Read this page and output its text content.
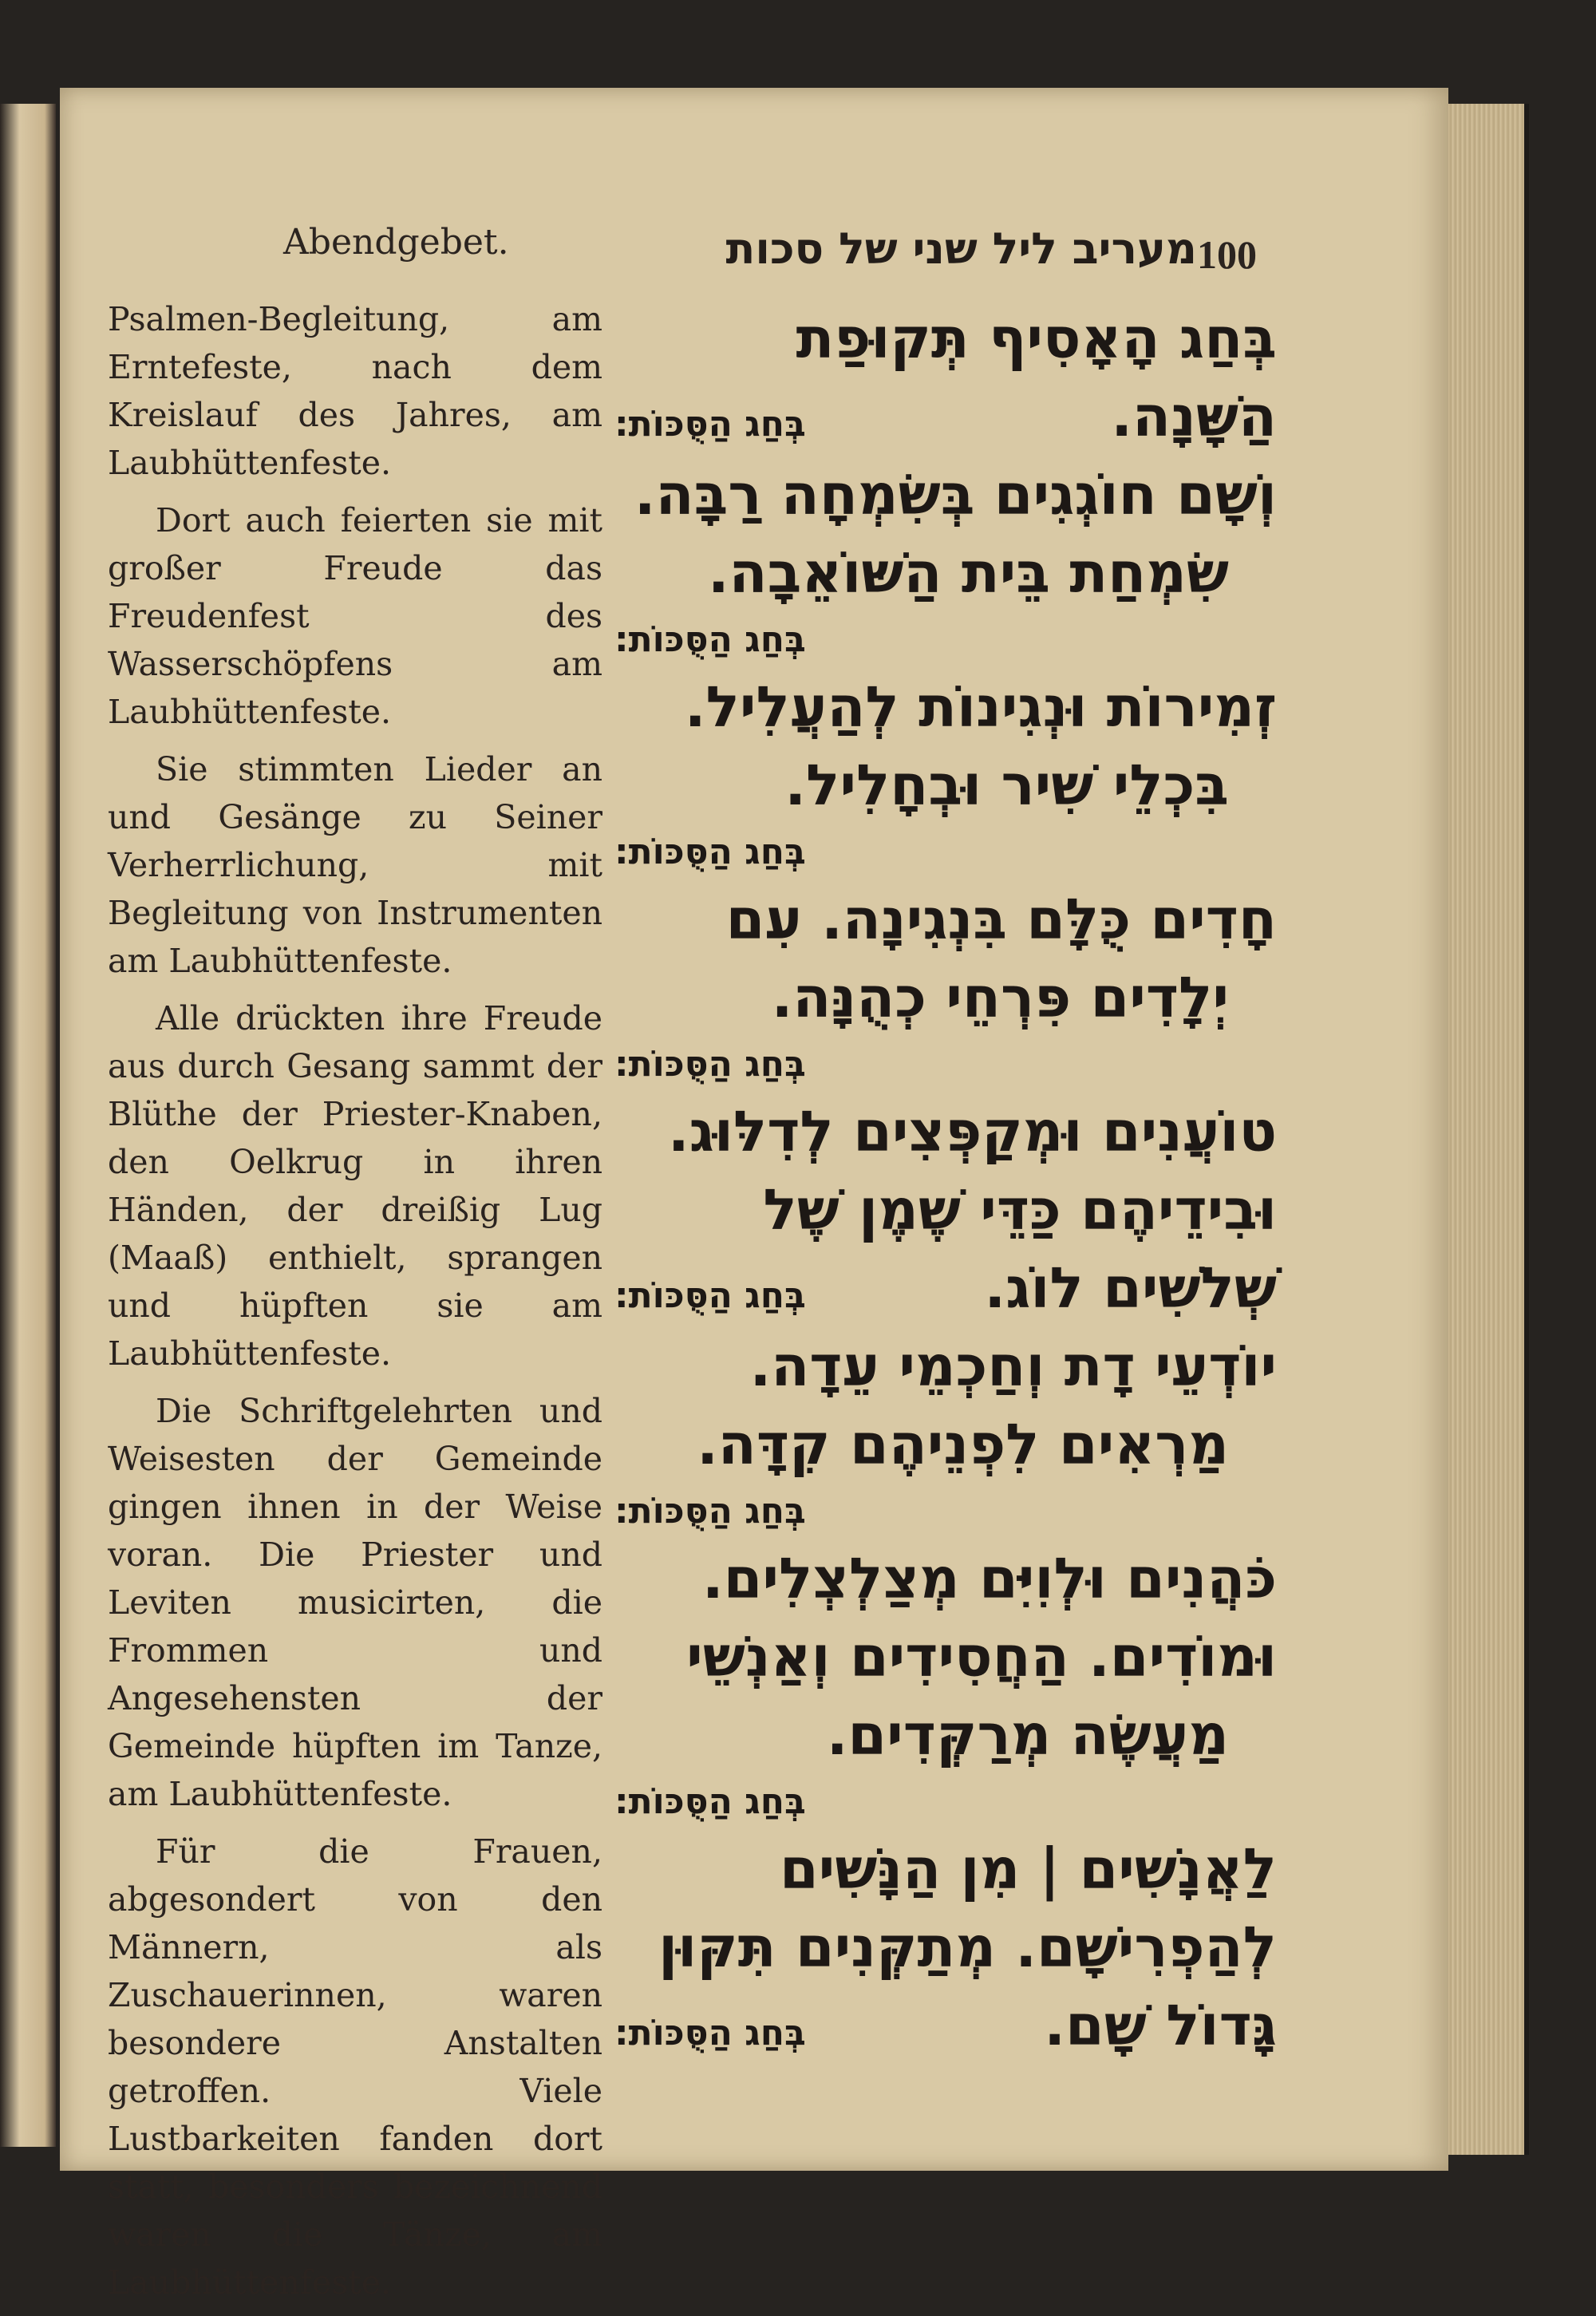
Abendgebet.	מעריב ליל שני של סכות 100

Psalmen-Begleitung, am Erntefeste, nach dem Kreislauf des Jahres, am Laubhüttenfeste.

Dort auch feierten sie mit großer Freude das Freudenfest des Wasserschöpfens am Laubhüttenfeste.

Sie stimmten Lieder an und Gesänge zu Seiner Verherrlichung, mit Begleitung von Instrumenten am Laubhüttenfeste.

Alle drückten ihre Freude aus durch Gesang sammt der Blüthe der Priester-Knaben, den Oelkrug in ihren Händen, der dreißig Lug (Maaß) enthielt, sprangen und hüpften sie am Laubhüttenfeste.

Die Schriftgelehrten und Weisesten der Gemeinde gingen ihnen in der Weise voran. Die Priester und Leviten musicirten, die Frommen und Angesehensten der Gemeinde hüpften im Tanze, am Laubhüttenfeste.

Für die Frauen, abgesondert von den Männern, als Zuschauerinnen, waren besondere Anstalten getroffen. Viele Lustbarkeiten fanden dort statt, besonders bezeichnend waren die Tänze, am Laubhüttenfeste.

בְּחַג הָאָסִיף תְּקוּפַת
הַשָּׁנָה.בְּחַג הַסֻּכּוֹת:
וְשָׁם חוֹגְגִים בְּשִׂמְחָה רַבָּה.
שִׂמְחַת בֵּית הַשּׁוֹאֵבָה.
בְּחַג הַסֻּכּוֹת:
זְמִירוֹת וּנְגִינוֹת לְהַעֲלִיל.
בִּכְלֵי שִׁיר וּבְחָלִיל.
בְּחַג הַסֻּכּוֹת:
חָדִים כֻּלָּם בִּנְגִינָה. עִם
יְלָדִים פִּרְחֵי כְהֻנָּה.
בְּחַג הַסֻּכּוֹת:
טוֹעֲנִים וּמְקַפְּצִים לְדִלּוּג.
וּבִידֵיהֶם כַּדֵּי שֶׁמֶן שֶׁל
שְׁלֹשִׁים לוֹג.בְּחַג הַסֻּכּוֹת:
יוֹדְעֵי דָת וְחַכְמֵי עֵדָה.
מַרְאִים לִפְנֵיהֶם קִדָּה.
בְּחַג הַסֻּכּוֹת:
כֹּהֲנִים וּלְוִיִּם מְצַלְצְלִים.
וּמוֹדִים. הַחֲסִידִים וְאַנְשֵׁי
מַעֲשֶׂה מְרַקְּדִים.
בְּחַג הַסֻּכּוֹת:
לַאֲנָשִׁים | מִן הַנָּשִׁים
לְהַפְרִישָׁם. מְתַקְּנִים תִּקּוּן
גָּדוֹל שָׁם.בְּחַג הַסֻּכּוֹת:
